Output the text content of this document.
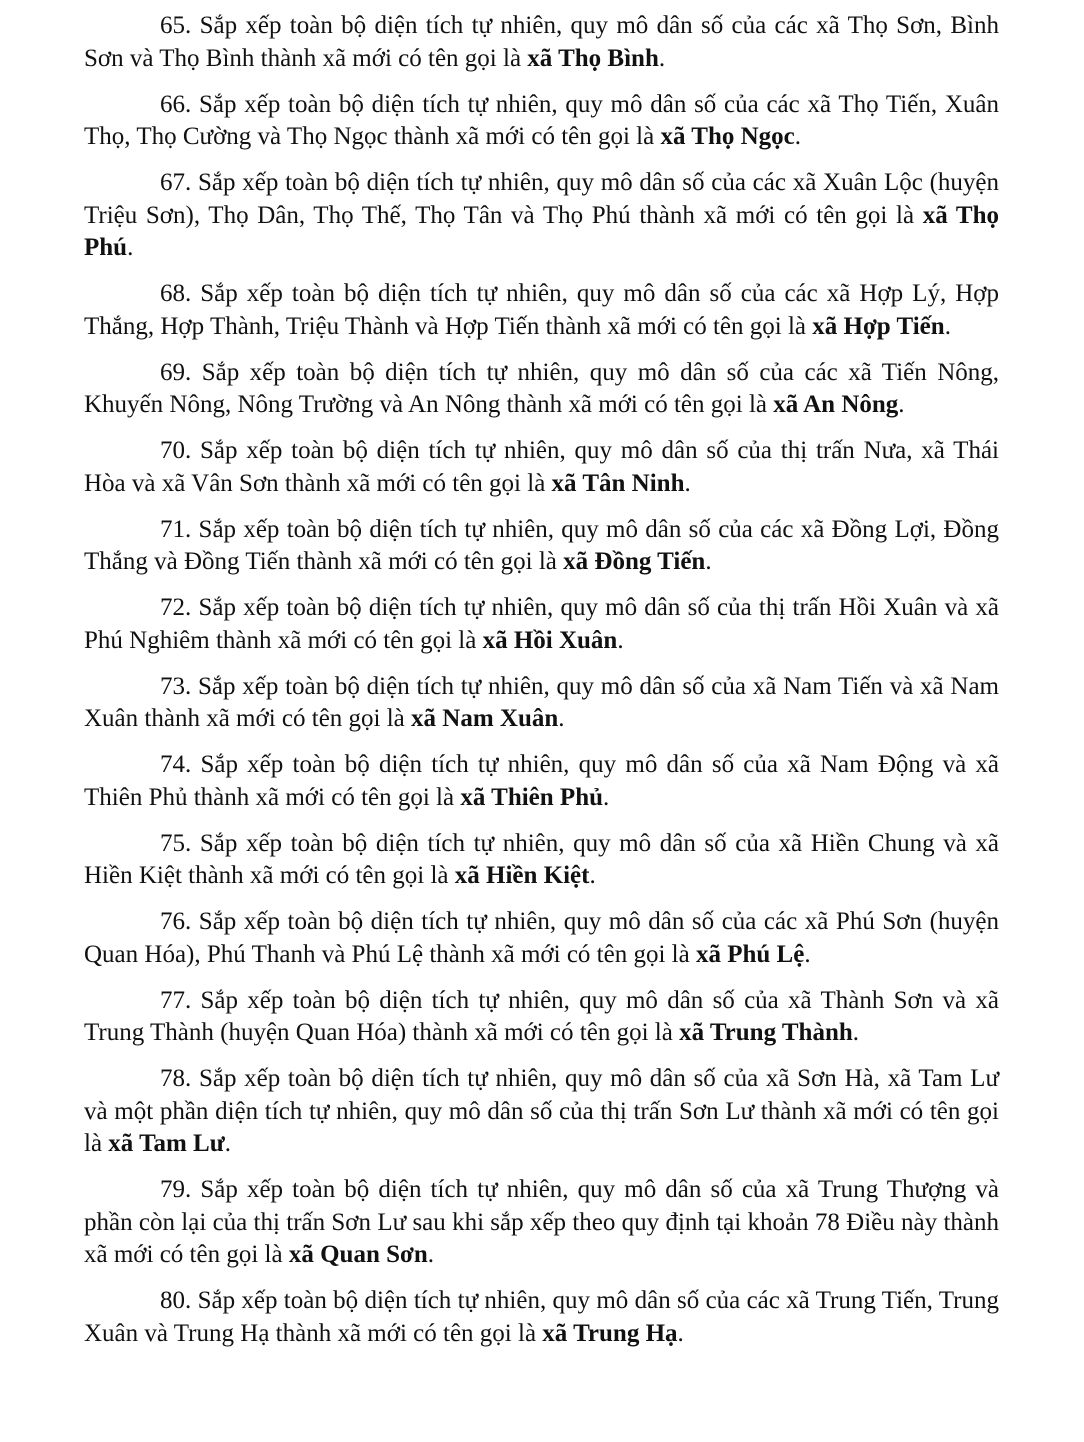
65. Sắp xếp toàn bộ diện tích tự nhiên, quy mô dân số của các xã Thọ Sơn, Bình Sơn và Thọ Bình thành xã mới có tên gọi là xã Thọ Bình.

66. Sắp xếp toàn bộ diện tích tự nhiên, quy mô dân số của các xã Thọ Tiến, Xuân Thọ, Thọ Cường và Thọ Ngọc thành xã mới có tên gọi là xã Thọ Ngọc.

67. Sắp xếp toàn bộ diện tích tự nhiên, quy mô dân số của các xã Xuân Lộc (huyện Triệu Sơn), Thọ Dân, Thọ Thế, Thọ Tân và Thọ Phú thành xã mới có tên gọi là xã Thọ Phú.

68. Sắp xếp toàn bộ diện tích tự nhiên, quy mô dân số của các xã Hợp Lý, Hợp Thắng, Hợp Thành, Triệu Thành và Hợp Tiến thành xã mới có tên gọi là xã Hợp Tiến.

69. Sắp xếp toàn bộ diện tích tự nhiên, quy mô dân số của các xã Tiến Nông, Khuyến Nông, Nông Trường và An Nông thành xã mới có tên gọi là xã An Nông.

70. Sắp xếp toàn bộ diện tích tự nhiên, quy mô dân số của thị trấn Nưa, xã Thái Hòa và xã Vân Sơn thành xã mới có tên gọi là xã Tân Ninh.

71. Sắp xếp toàn bộ diện tích tự nhiên, quy mô dân số của các xã Đồng Lợi, Đồng Thắng và Đồng Tiến thành xã mới có tên gọi là xã Đồng Tiến.

72. Sắp xếp toàn bộ diện tích tự nhiên, quy mô dân số của thị trấn Hồi Xuân và xã Phú Nghiêm thành xã mới có tên gọi là xã Hồi Xuân.

73. Sắp xếp toàn bộ diện tích tự nhiên, quy mô dân số của xã Nam Tiến và xã Nam Xuân thành xã mới có tên gọi là xã Nam Xuân.

74. Sắp xếp toàn bộ diện tích tự nhiên, quy mô dân số của xã Nam Động và xã Thiên Phủ thành xã mới có tên gọi là xã Thiên Phủ.

75. Sắp xếp toàn bộ diện tích tự nhiên, quy mô dân số của xã Hiền Chung và xã Hiền Kiệt thành xã mới có tên gọi là xã Hiền Kiệt.

76. Sắp xếp toàn bộ diện tích tự nhiên, quy mô dân số của các xã Phú Sơn (huyện Quan Hóa), Phú Thanh và Phú Lệ thành xã mới có tên gọi là xã Phú Lệ.

77. Sắp xếp toàn bộ diện tích tự nhiên, quy mô dân số của xã Thành Sơn và xã Trung Thành (huyện Quan Hóa) thành xã mới có tên gọi là xã Trung Thành.

78. Sắp xếp toàn bộ diện tích tự nhiên, quy mô dân số của xã Sơn Hà, xã Tam Lư và một phần diện tích tự nhiên, quy mô dân số của thị trấn Sơn Lư thành xã mới có tên gọi là xã Tam Lư.

79. Sắp xếp toàn bộ diện tích tự nhiên, quy mô dân số của xã Trung Thượng và phần còn lại của thị trấn Sơn Lư sau khi sắp xếp theo quy định tại khoản 78 Điều này thành xã mới có tên gọi là xã Quan Sơn.

80. Sắp xếp toàn bộ diện tích tự nhiên, quy mô dân số của các xã Trung Tiến, Trung Xuân và Trung Hạ thành xã mới có tên gọi là xã Trung Hạ.
